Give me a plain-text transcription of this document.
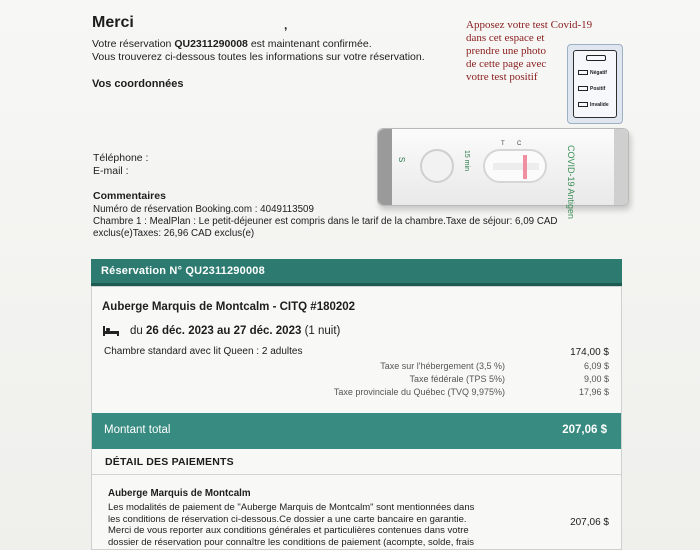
Merci	,
Votre réservation QU2311290008 est maintenant confirmée.
Vous trouverez ci-dessous toutes les informations sur votre réservation.
Vos coordonnées
Apposez votre test Covid-19
dans cet espace et
prendre une photo
de cette page avec
votre test positif	Négatif
Positif
Invalide
S	15 min
T C
COVID-19 Antigen
Téléphone :
E-mail :
Commentaires
Numéro de réservation Booking.com : 4049113509
Chambre 1 : MealPlan : Le petit-déjeuner est compris dans le tarif de la chambre.Taxe de séjour: 6,09 CAD
exclus(e)Taxes: 26,96 CAD exclus(e)
Réservation N° QU2311290008
Auberge Marquis de Montcalm - CITQ #180202
du 26 déc. 2023 au 27 déc. 2023 (1 nuit)
Chambre standard avec lit Queen : 2 adultes	174,00 $
Taxe sur l'hébergement (3,5 %)	6,09 $
Taxe fédérale (TPS 5%)	9,00 $
Taxe provinciale du Québec (TVQ 9,975%)	17,96 $
Montant total	207,06 $
DÉTAIL DES PAIEMENTS
Auberge Marquis de Montcalm
Les modalités de paiement de "Auberge Marquis de Montcalm" sont mentionnées dans
les conditions de réservation ci-dessous.Ce dossier a une carte bancaire en garantie.
Merci de vous reporter aux conditions générales et particulières contenues dans votre
dossier de réservation pour connaître les conditions de paiement (acompte, solde, frais
207,06 $
